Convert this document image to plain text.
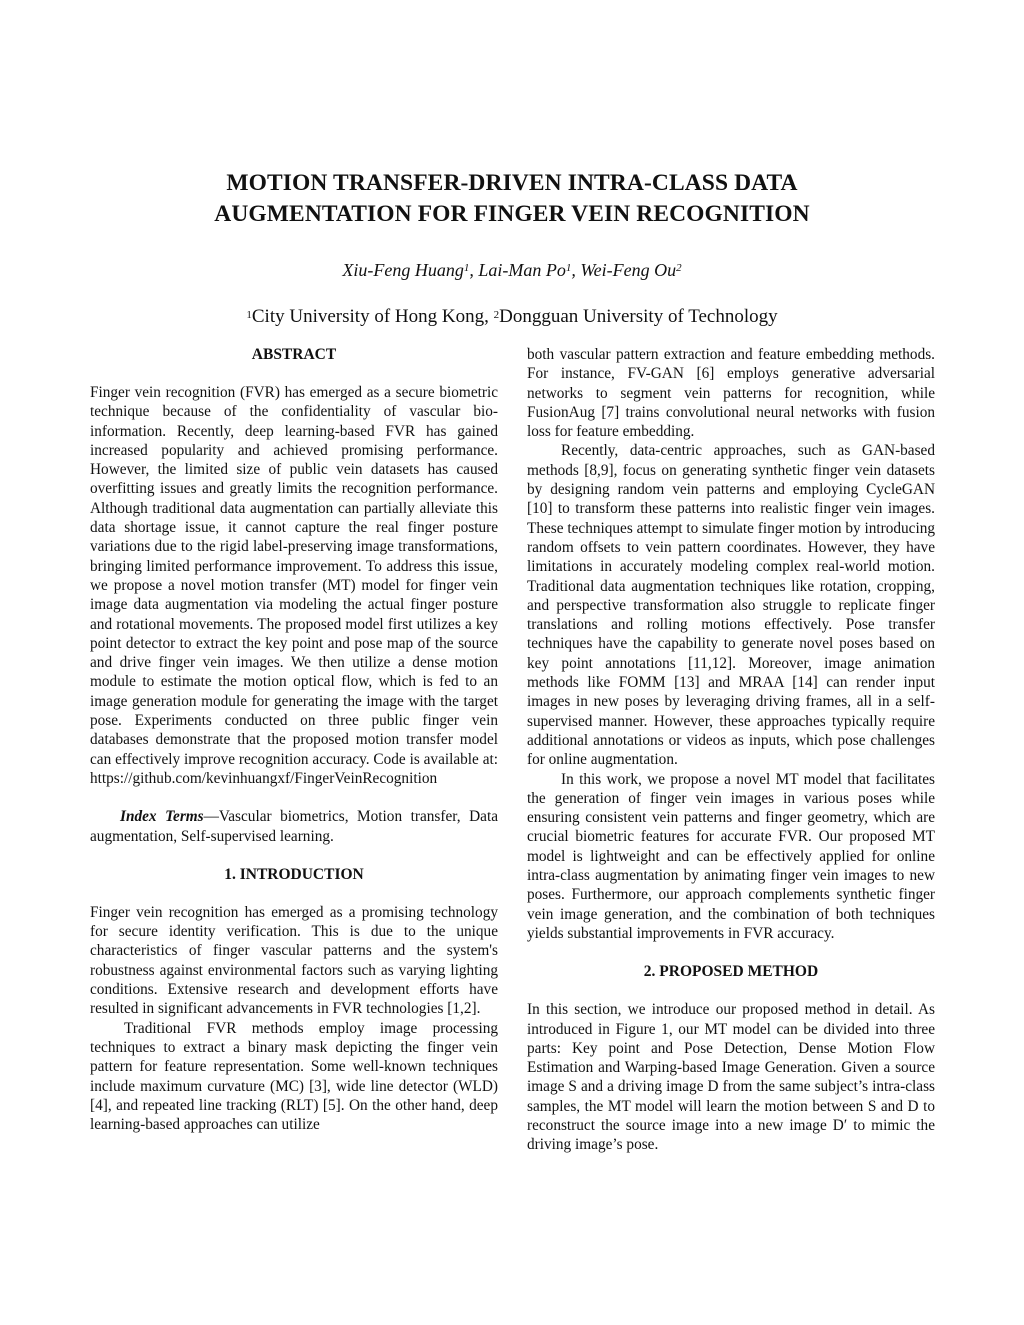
MOTION TRANSFER-DRIVEN INTRA-CLASS DATA
AUGMENTATION FOR FINGER VEIN RECOGNITION

Xiu-Feng Huang$^1$, Lai-Man Po$^1$, Wei-Feng Ou$^2$

$^1$City University of Hong Kong, $^2$Dongguan University of Technology

ABSTRACT

Finger vein recognition (FVR) has emerged as a secure biometric technique because of the confidentiality of vascular bio-information. Recently, deep learning-based FVR has gained increased popularity and achieved promising performance. However, the limited size of public vein datasets has caused overfitting issues and greatly limits the recognition performance. Although traditional data augmentation can partially alleviate this data shortage issue, it cannot capture the real finger posture variations due to the rigid label-preserving image transformations, bringing limited performance improvement. To address this issue, we propose a novel motion transfer (MT) model for finger vein image data augmentation via modeling the actual finger posture and rotational movements. The proposed model first utilizes a key point detector to extract the key point and pose map of the source and drive finger vein images. We then utilize a dense motion module to estimate the motion optical flow, which is fed to an image generation module for generating the image with the target pose. Experiments conducted on three public finger vein databases demonstrate that the proposed motion transfer model can effectively improve recognition accuracy. Code is available at: https://github.com/kevinhuangxf/FingerVeinRecognition

Index Terms—Vascular biometrics, Motion transfer, Data augmentation, Self-supervised learning.

1. INTRODUCTION

Finger vein recognition has emerged as a promising technology for secure identity verification. This is due to the unique characteristics of finger vascular patterns and the system's robustness against environmental factors such as varying lighting conditions. Extensive research and development efforts have resulted in significant advancements in FVR technologies [1,2].

Traditional FVR methods employ image processing techniques to extract a binary mask depicting the finger vein pattern for feature representation. Some well-known techniques include maximum curvature (MC) [3], wide line detector (WLD) [4], and repeated line tracking (RLT) [5]. On the other hand, deep learning-based approaches can utilize

both vascular pattern extraction and feature embedding methods. For instance, FV-GAN [6] employs generative adversarial networks to segment vein patterns for recognition, while FusionAug [7] trains convolutional neural networks with fusion loss for feature embedding.

Recently, data-centric approaches, such as GAN-based methods [8,9], focus on generating synthetic finger vein datasets by designing random vein patterns and employing CycleGAN [10] to transform these patterns into realistic finger vein images. These techniques attempt to simulate finger motion by introducing random offsets to vein pattern coordinates. However, they have limitations in accurately modeling complex real-world motion. Traditional data augmentation techniques like rotation, cropping, and perspective transformation also struggle to replicate finger translations and rolling motions effectively. Pose transfer techniques have the capability to generate novel poses based on key point annotations [11,12]. Moreover, image animation methods like FOMM [13] and MRAA [14] can render input images in new poses by leveraging driving frames, all in a self-supervised manner. However, these approaches typically require additional annotations or videos as inputs, which pose challenges for online augmentation.

In this work, we propose a novel MT model that facilitates the generation of finger vein images in various poses while ensuring consistent vein patterns and finger geometry, which are crucial biometric features for accurate FVR. Our proposed MT model is lightweight and can be effectively applied for online intra-class augmentation by animating finger vein images to new poses. Furthermore, our approach complements synthetic finger vein image generation, and the combination of both techniques yields substantial improvements in FVR accuracy.

2. PROPOSED METHOD

In this section, we introduce our proposed method in detail. As introduced in Figure 1, our MT model can be divided into three parts: Key point and Pose Detection, Dense Motion Flow Estimation and Warping-based Image Generation. Given a source image S and a driving image D from the same subject’s intra-class samples, the MT model will learn the motion between S and D to reconstruct the source image into a new image D′ to mimic the driving image’s pose.
